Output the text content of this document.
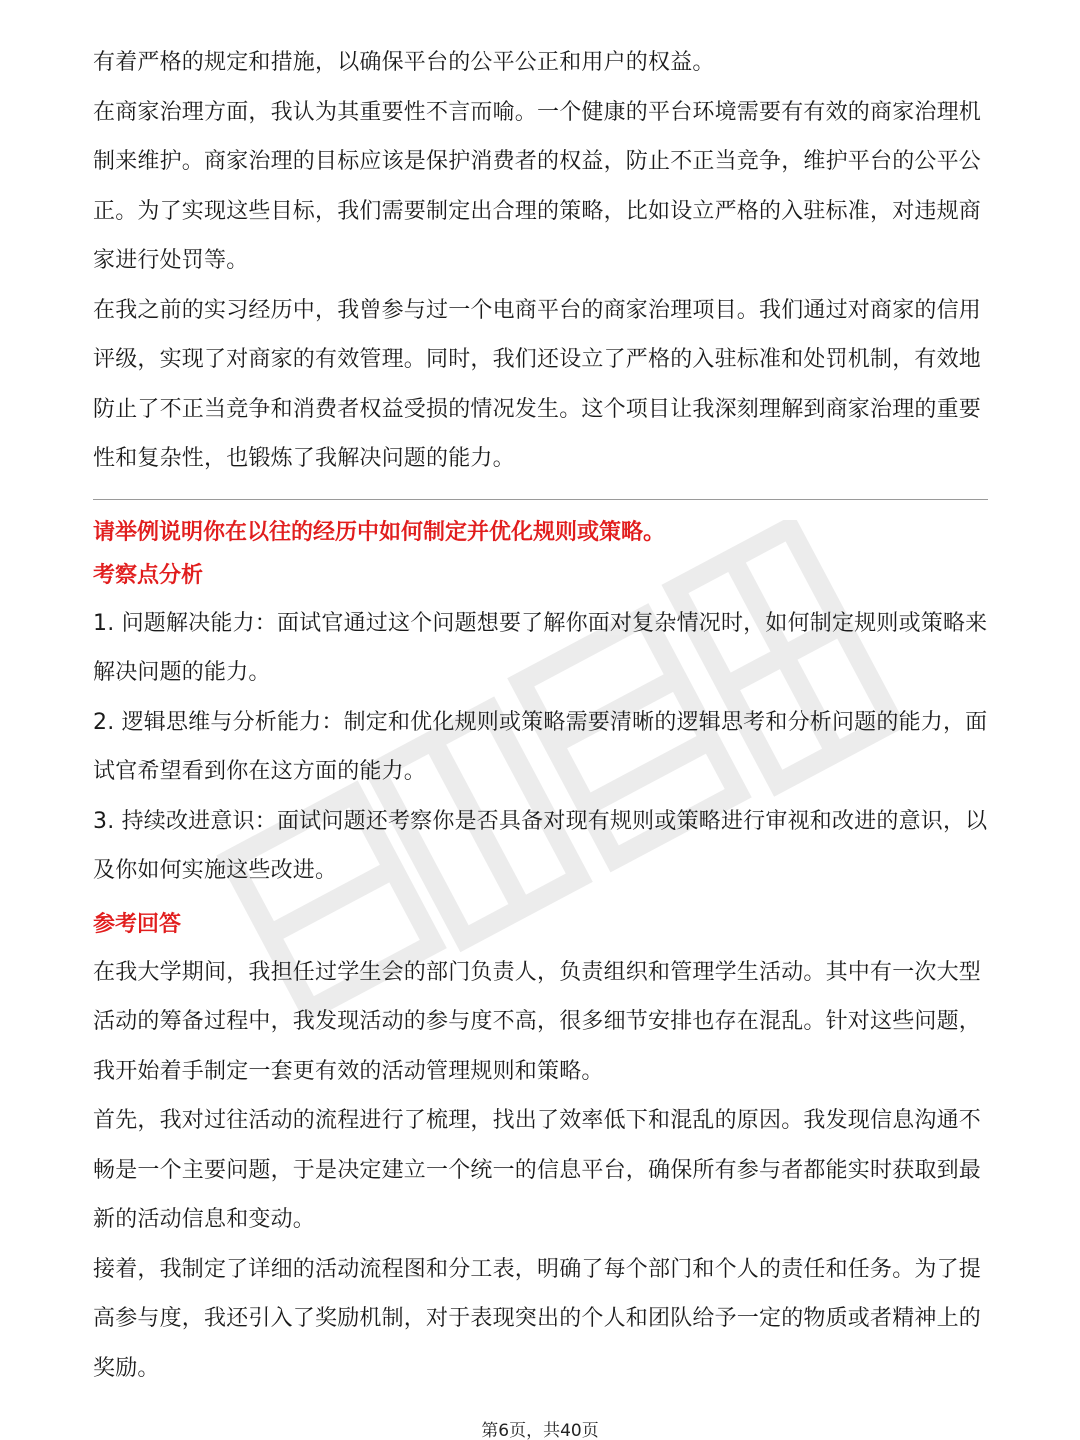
有着严格的规定和措施，以确保平台的公平公正和用户的权益。

在商家治理方面，我认为其重要性不言而喻。一个健康的平台环境需要有有效的商家治理机制来维护。商家治理的目标应该是保护消费者的权益，防止不正当竞争，维护平台的公平公正。为了实现这些目标，我们需要制定出合理的策略，比如设立严格的入驻标准，对违规商家进行处罚等。

在我之前的实习经历中，我曾参与过一个电商平台的商家治理项目。我们通过对商家的信用评级，实现了对商家的有效管理。同时，我们还设立了严格的入驻标准和处罚机制，有效地防止了不正当竞争和消费者权益受损的情况发生。这个项目让我深刻理解到商家治理的重要性和复杂性，也锻炼了我解决问题的能力。

请举例说明你在以往的经历中如何制定并优化规则或策略。

考察点分析

1. 问题解决能力：面试官通过这个问题想要了解你面对复杂情况时，如何制定规则或策略来解决问题的能力。

2. 逻辑思维与分析能力：制定和优化规则或策略需要清晰的逻辑思考和分析问题的能力，面试官希望看到你在这方面的能力。

3. 持续改进意识：面试问题还考察你是否具备对现有规则或策略进行审视和改进的意识，以及你如何实施这些改进。

参考回答

在我大学期间，我担任过学生会的部门负责人，负责组织和管理学生活动。其中有一次大型活动的筹备过程中，我发现活动的参与度不高，很多细节安排也存在混乱。针对这些问题，我开始着手制定一套更有效的活动管理规则和策略。

首先，我对过往活动的流程进行了梳理，找出了效率低下和混乱的原因。我发现信息沟通不畅是一个主要问题，于是决定建立一个统一的信息平台，确保所有参与者都能实时获取到最新的活动信息和变动。

接着，我制定了详细的活动流程图和分工表，明确了每个部门和个人的责任和任务。为了提高参与度，我还引入了奖励机制，对于表现突出的个人和团队给予一定的物质或者精神上的奖励。

第6页，共40页
